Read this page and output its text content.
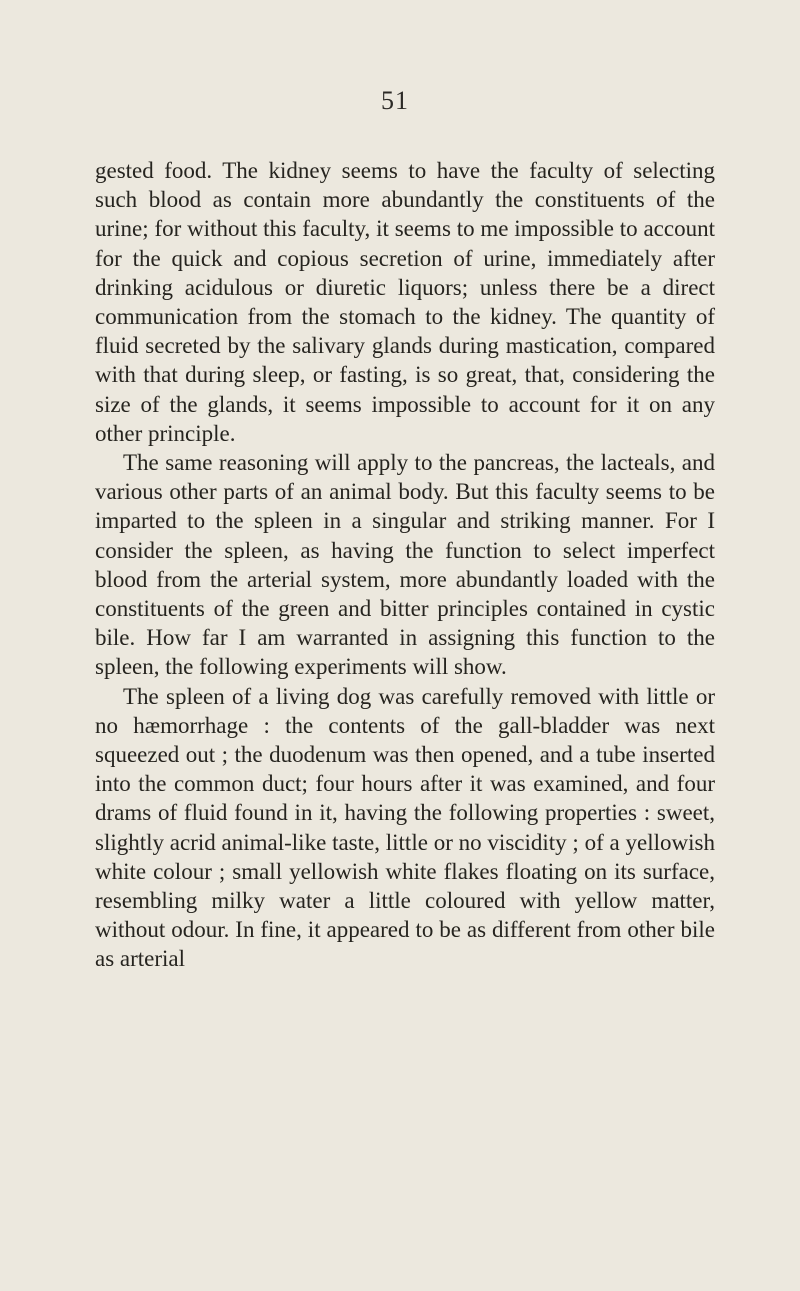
51

gested food. The kidney seems to have the faculty of selecting such blood as contain more abundantly the constituents of the urine; for without this faculty, it seems to me impossible to account for the quick and copious secretion of urine, immediately after drinking acidulous or diuretic liquors; unless there be a direct communication from the stomach to the kidney. The quantity of fluid secreted by the salivary glands during mastication, compared with that during sleep, or fasting, is so great, that, considering the size of the glands, it seems impossible to account for it on any other principle.

The same reasoning will apply to the pancreas, the lacteals, and various other parts of an animal body. But this faculty seems to be imparted to the spleen in a singular and striking manner. For I consider the spleen, as having the function to select imperfect blood from the arterial system, more abundantly loaded with the constituents of the green and bitter principles contained in cystic bile. How far I am warranted in assigning this function to the spleen, the following experiments will show.

The spleen of a living dog was carefully removed with little or no hæmorrhage : the contents of the gall-bladder was next squeezed out ; the duodenum was then opened, and a tube inserted into the common duct; four hours after it was examined, and four drams of fluid found in it, having the following properties : sweet, slightly acrid animal-like taste, little or no viscidity ; of a yellowish white colour ; small yellowish white flakes floating on its surface, resembling milky water a little coloured with yellow matter, without odour. In fine, it appeared to be as different from other bile as arterial
